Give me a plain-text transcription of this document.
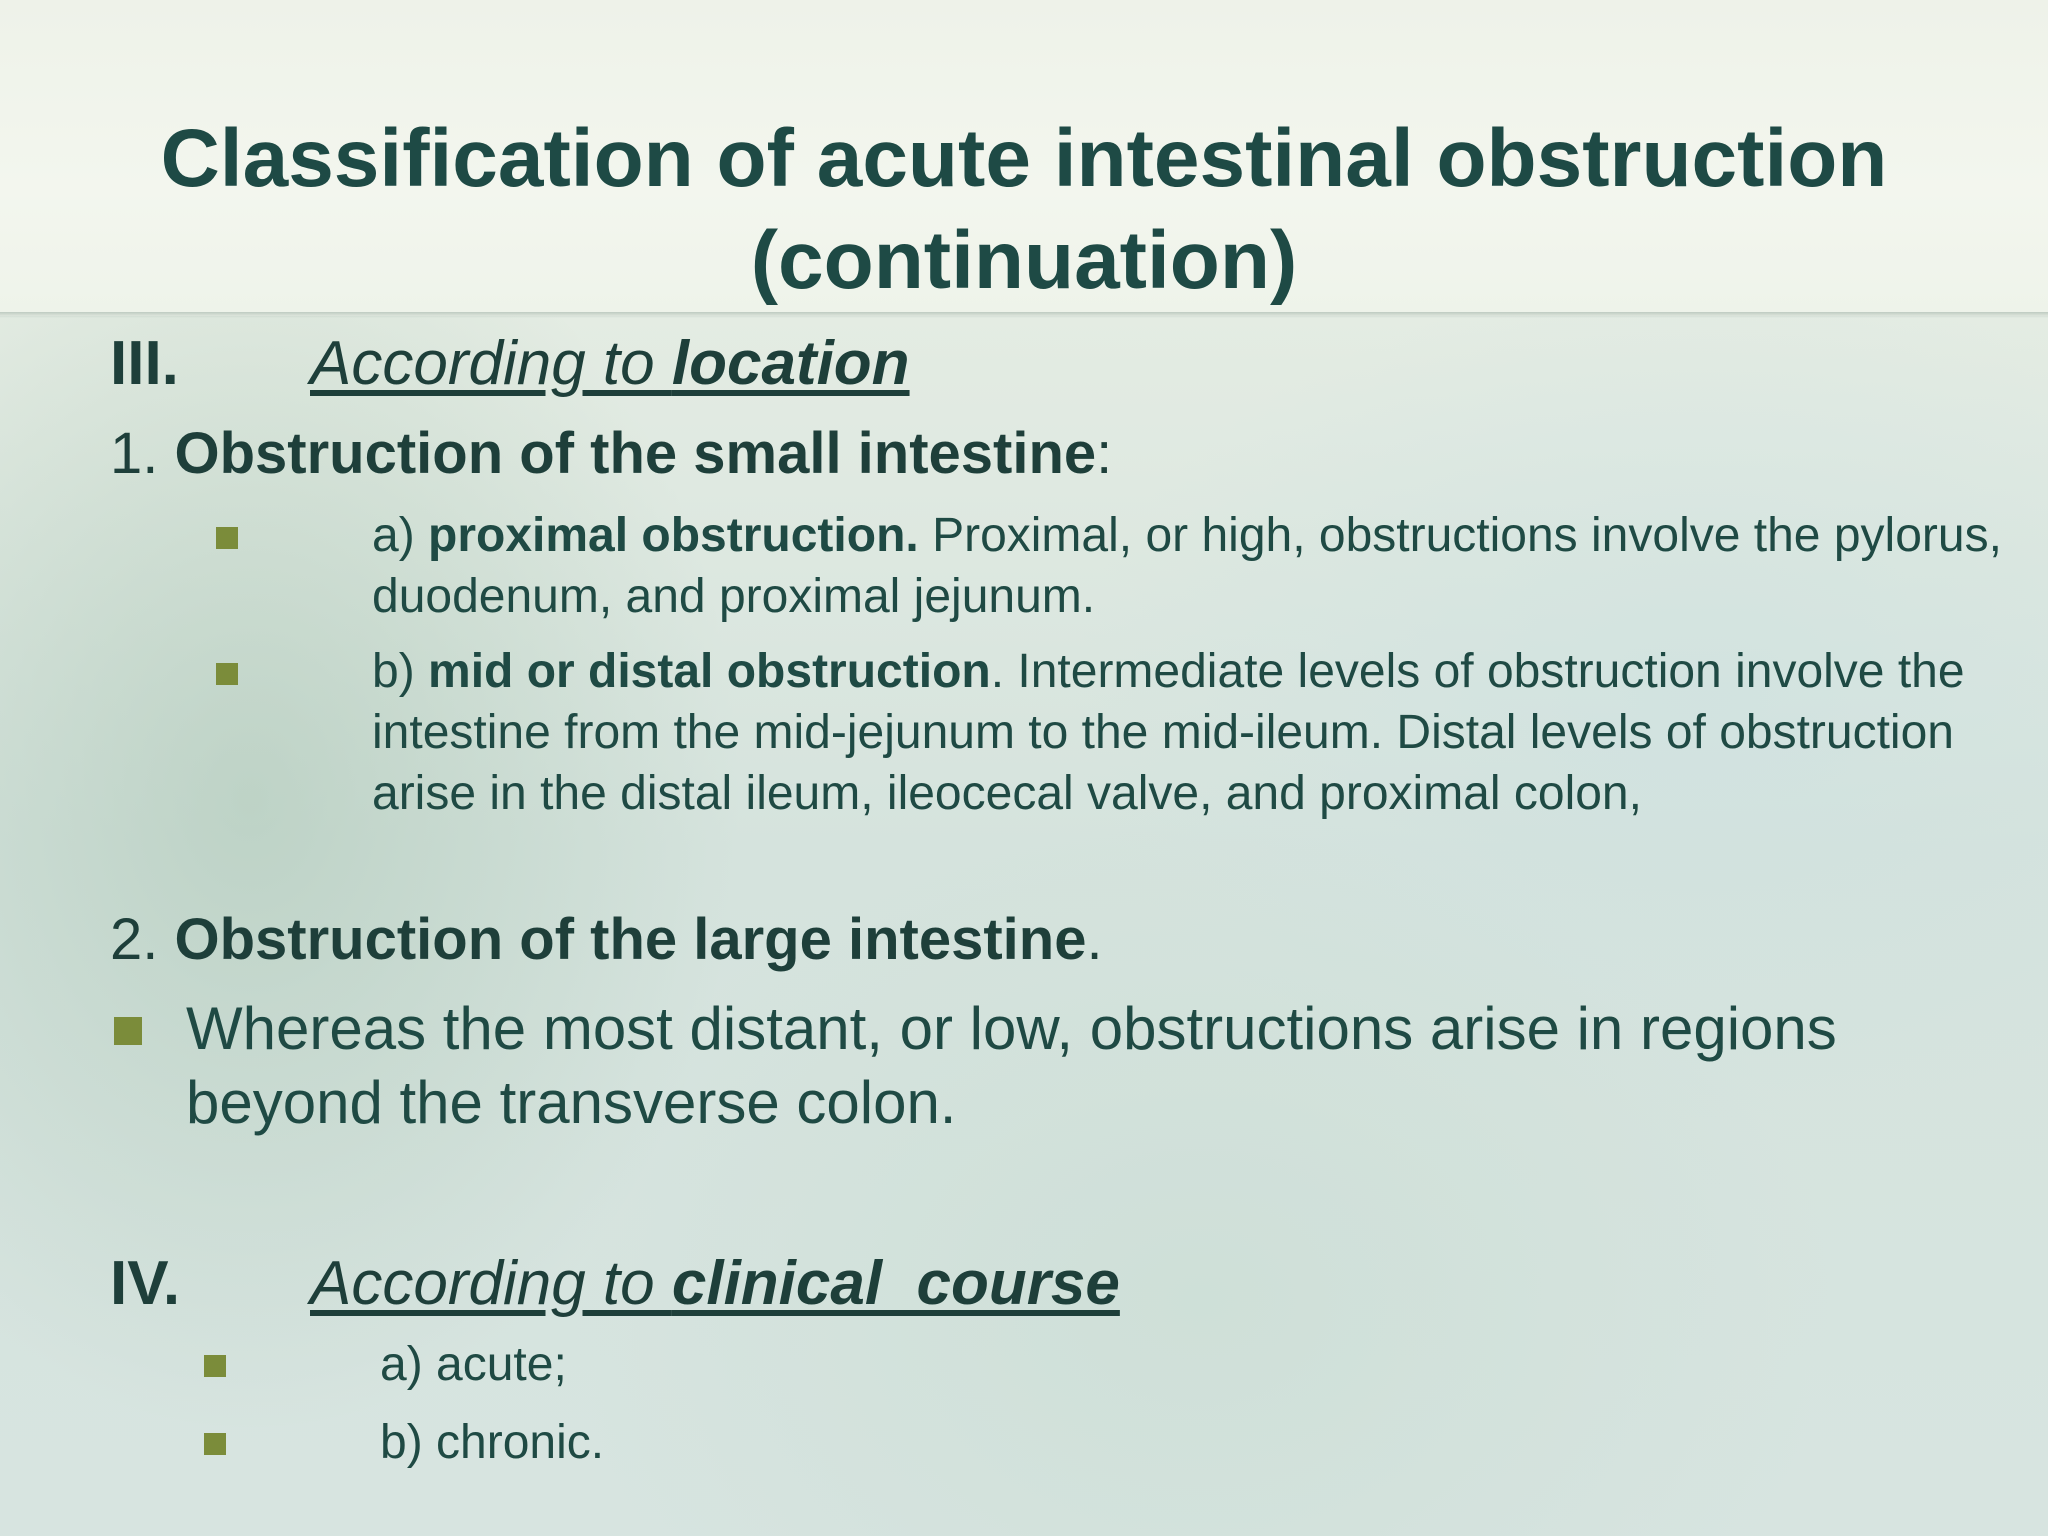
Classification of acute intestinal obstruction
(continuation)
III. According to location
1. Obstruction of the small intestine:
a) proximal obstruction. Proximal, or high, obstructions involve the pylorus, duodenum, and proximal jejunum.
b) mid or distal obstruction. Intermediate levels of obstruction involve the intestine from the mid-jejunum to the mid-ileum. Distal levels of obstruction arise in the distal ileum, ileocecal valve, and proximal colon,
2. Obstruction of the large intestine.
Whereas the most distant, or low, obstructions arise in regions beyond the transverse colon.
IV. According to clinical  course
a) acute;
b) chronic.
